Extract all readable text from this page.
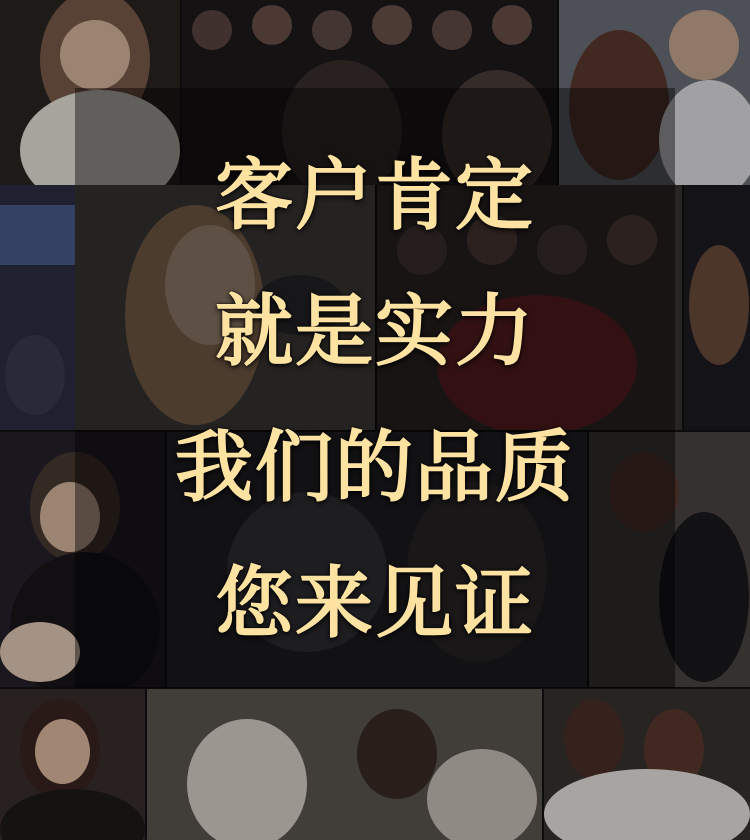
客户肯定
就是实力
我们的品质
您来见证
